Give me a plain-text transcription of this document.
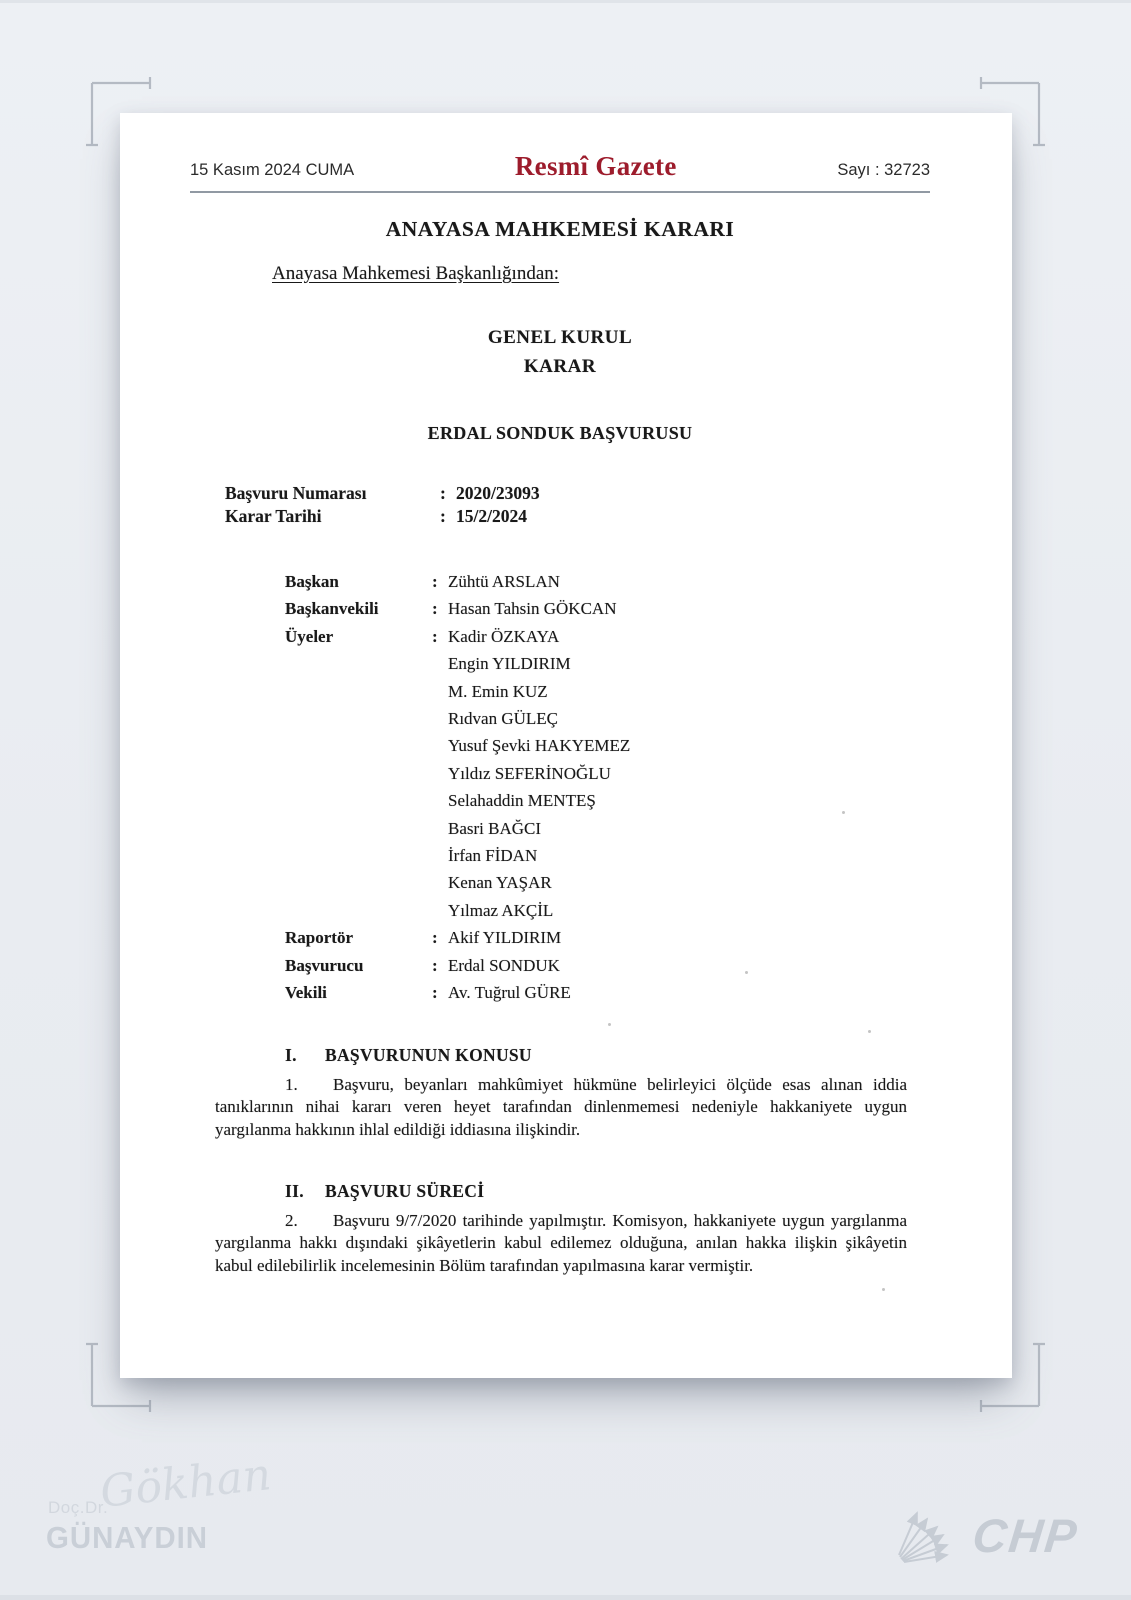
15 Kasım 2024 CUMA	Resmî Gazete	Sayı : 32723
ANAYASA MAHKEMESİ KARARI
Anayasa Mahkemesi Başkanlığından:
GENEL KURUL
KARAR
ERDAL SONDUK BAŞVURUSU
Başvuru Numarası	: 2020/23093
Karar Tarihi	: 15/2/2024
Başkan	: Zühtü ARSLAN
Başkanvekili	: Hasan Tahsin GÖKCAN
Üyeler	: Kadir ÖZKAYA
Engin YILDIRIM
M. Emin KUZ
Rıdvan GÜLEÇ
Yusuf Şevki HAKYEMEZ
Yıldız SEFERİNOĞLU
Selahaddin MENTEŞ
Basri BAĞCI
İrfan FİDAN
Kenan YAŞAR
Yılmaz AKÇİL
Raportör	: Akif YILDIRIM
Başvurucu	: Erdal SONDUK
Vekili	: Av. Tuğrul GÜRE
I. BAŞVURUNUN KONUSU

1. Başvuru, beyanları mahkûmiyet hükmüne belirleyici ölçüde esas alınan iddia tanıklarının nihai kararı veren heyet tarafından dinlenmemesi nedeniyle hakkaniyete uygun yargılanma hakkının ihlal edildiği iddiasına ilişkindir.

II. BAŞVURU SÜRECİ

2. Başvuru 9/7/2020 tarihinde yapılmıştır. Komisyon, hakkaniyete uygun yargılanma yargılanma hakkı dışındaki şikâyetlerin kabul edilemez olduğuna, anılan hakka ilişkin şikâyetin kabul edilebilirlik incelemesinin Bölüm tarafından yapılmasına karar vermiştir.

Doç.Dr.
Gökhan
GÜNAYDIN	CHP
